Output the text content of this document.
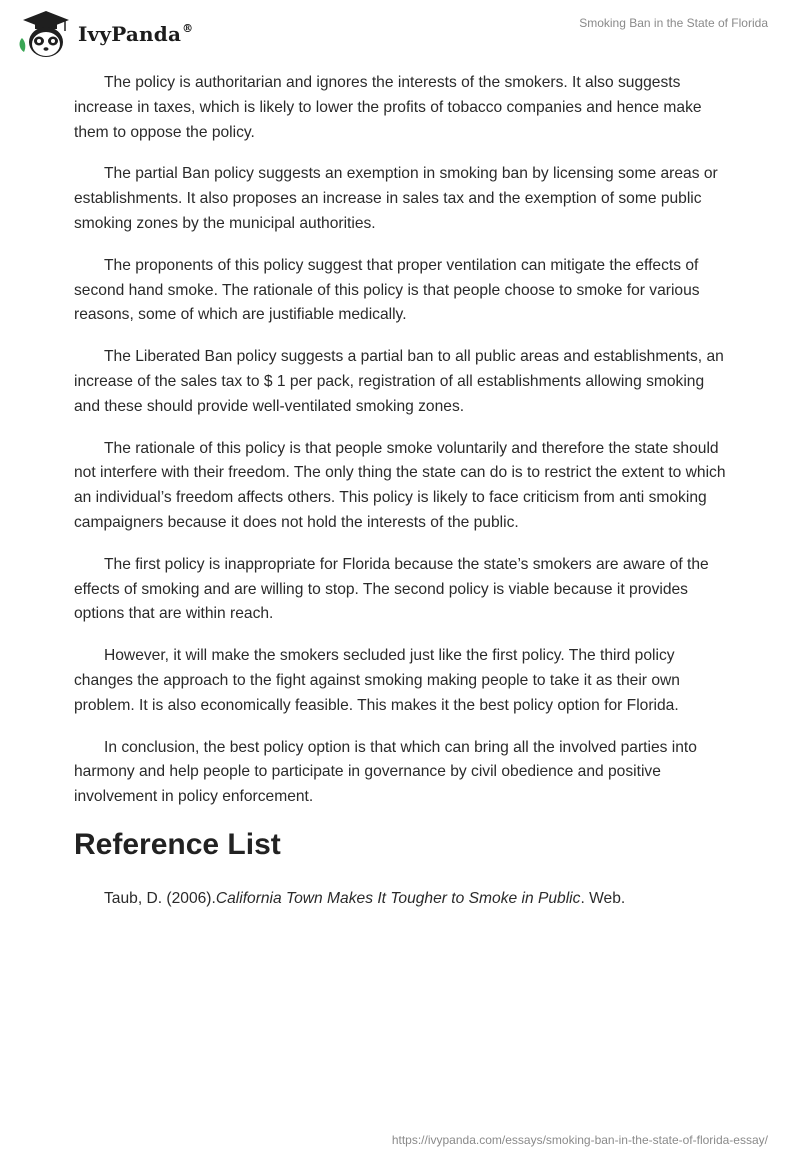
IvyPanda®	Smoking Ban in the State of Florida

The policy is authoritarian and ignores the interests of the smokers. It also suggests increase in taxes, which is likely to lower the profits of tobacco companies and hence make them to oppose the policy.

The partial Ban policy suggests an exemption in smoking ban by licensing some areas or establishments. It also proposes an increase in sales tax and the exemption of some public smoking zones by the municipal authorities.

The proponents of this policy suggest that proper ventilation can mitigate the effects of second hand smoke. The rationale of this policy is that people choose to smoke for various reasons, some of which are justifiable medically.

The Liberated Ban policy suggests a partial ban to all public areas and establishments, an increase of the sales tax to $ 1 per pack, registration of all establishments allowing smoking and these should provide well-ventilated smoking zones.

The rationale of this policy is that people smoke voluntarily and therefore the state should not interfere with their freedom. The only thing the state can do is to restrict the extent to which an individual’s freedom affects others. This policy is likely to face criticism from anti smoking campaigners because it does not hold the interests of the public.

The first policy is inappropriate for Florida because the state’s smokers are aware of the effects of smoking and are willing to stop. The second policy is viable because it provides options that are within reach.

However, it will make the smokers secluded just like the first policy. The third policy changes the approach to the fight against smoking making people to take it as their own problem. It is also economically feasible. This makes it the best policy option for Florida.

In conclusion, the best policy option is that which can bring all the involved parties into harmony and help people to participate in governance by civil obedience and positive involvement in policy enforcement.

Reference List

Taub, D. (2006).California Town Makes It Tougher to Smoke in Public. Web.

https://ivypanda.com/essays/smoking-ban-in-the-state-of-florida-essay/
